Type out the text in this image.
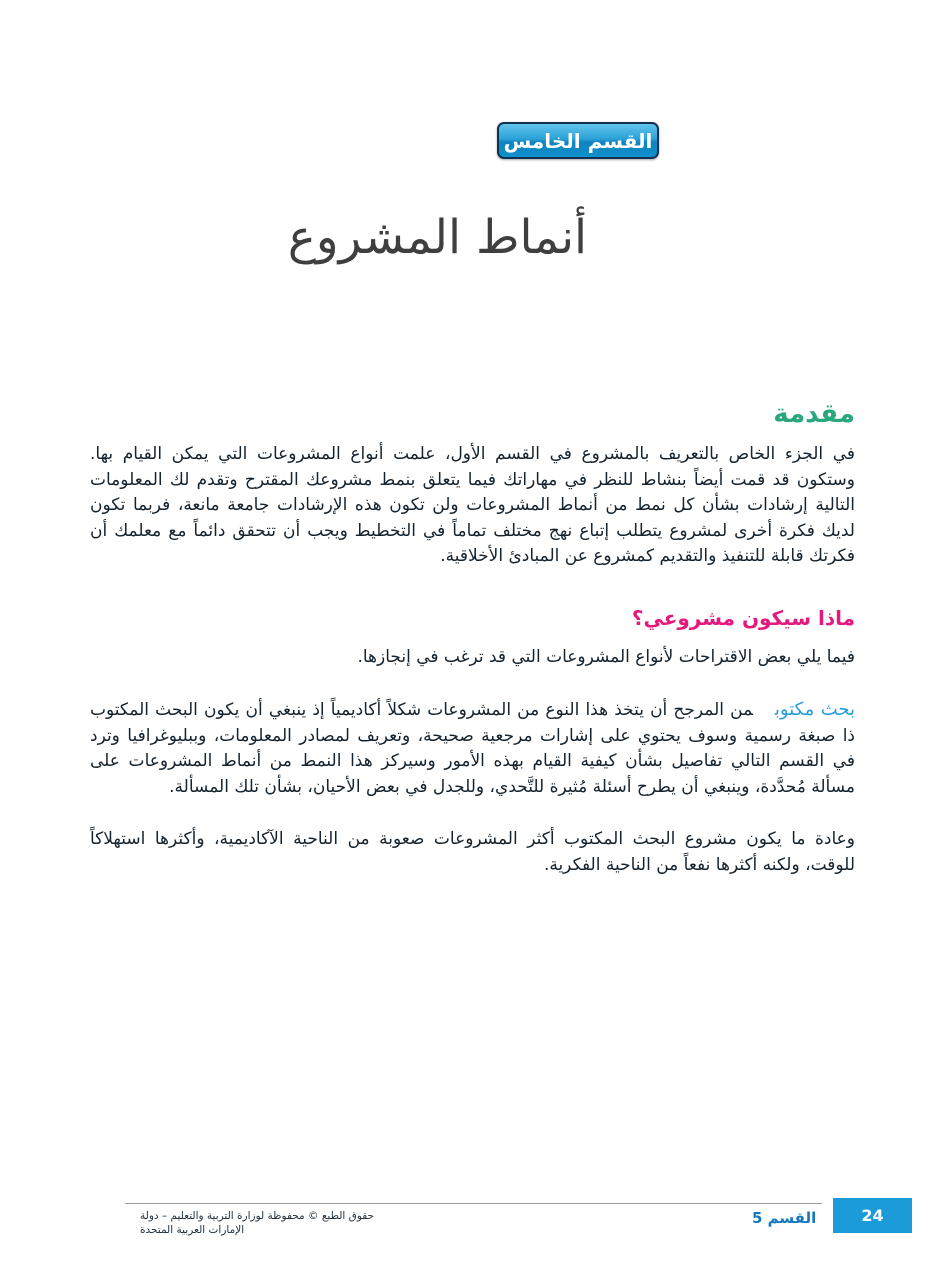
القسم الخامس
أنماط المشروع
مقدمة

في الجزء الخاص بالتعريف بالمشروع في القسم الأول، علمت أنواع المشروعات التي يمكن القيام بها. وستكون قد قمت أيضاً بنشاط للنظر في مهاراتك فيما يتعلق بنمط مشروعك المقترح وتقدم لك المعلومات التالية إرشادات بشأن كل نمط من أنماط المشروعات ولن تكون هذه الإرشادات جامعة مانعة، فربما تكون لديك فكرة أخرى لمشروع يتطلب إتباع نهج مختلف تماماً في التخطيط ويجب أن تتحقق دائماً مع معلمك أن فكرتك قابلة للتنفيذ والتقديم كمشروع عن المبادئ الأخلاقية.

ماذا سيكون مشروعي؟

فيما يلي بعض الاقتراحات لأنواع المشروعات التي قد ترغب في إنجازها.

بحث مكتوبمن المرجح أن يتخذ هذا النوع من المشروعات شكلاً أكاديمياً إذ ينبغي أن يكون البحث المكتوب ذا صبغة رسمية وسوف يحتوي على إشارات مرجعية صحيحة، وتعريف لمصادر المعلومات، وببليوغرافيا وترد في القسم التالي تفاصيل بشأن كيفية القيام بهذه الأمور وسيركز هذا النمط من أنماط المشروعات على مسألة مُحدَّدة، وينبغي أن يطرح أسئلة مُثيرة للتَّحدي، وللجدل في بعض الأحيان، بشأن تلك المسألة.

وعادة ما يكون مشروع البحث المكتوب أكثر المشروعات صعوبة من الناحية الآكاديمية، وأكثرها استهلاكاً للوقت، ولكنه أكثرها نفعاً من الناحية الفكرية.

حقوق الطبع © محفوظة لوزارة التربية والتعليم – دولة الإمارات العربية المتحدة
القسم 5	24
